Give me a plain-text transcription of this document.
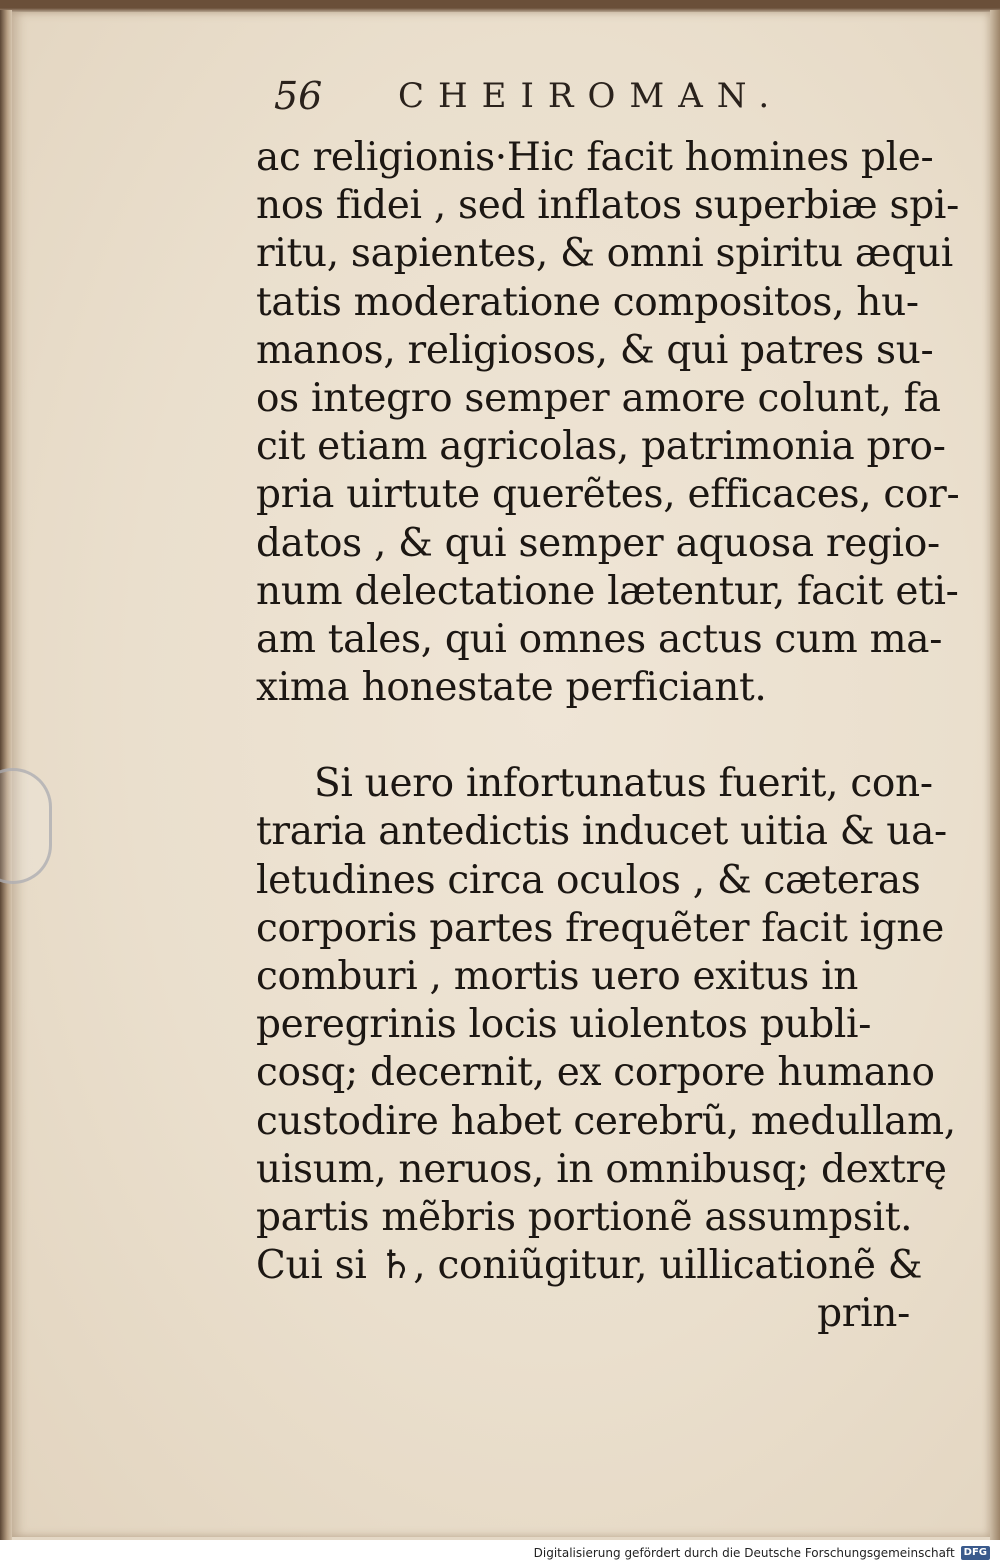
56 CHEIROMAN.
ac religionis·Hic facit homines ple-
nos fidei , sed inflatos superbiæ spi-
ritu, sapientes, & omni spiritu æqui
tatis moderatione compositos, hu-
manos, religiosos, & qui patres su-
os integro semper amore colunt, fa
cit etiam agricolas, patrimonia pro-
pria uirtute querẽtes, efficaces, cor-
datos , & qui semper aquosa regio-
num delectatione lætentur, facit eti-
am tales, qui omnes actus cum ma-
xima honestate perficiant.
Si uero infortunatus fuerit, con-
traria antedictis inducet uitia & ua-
letudines circa oculos , & cæteras
corporis partes frequẽter facit igne
comburi , mortis uero exitus in
peregrinis locis uiolentos publi-
cosq; decernit, ex corpore humano
custodire habet cerebrũ, medullam,
uisum, neruos, in omnibusq; dextrę
partis mẽbris portionẽ assumpsit.
Cui si ♄, coniũgitur, uillicationẽ &
prin-
Digitalisierung gefördert durch die Deutsche Forschungsgemeinschaft DFG
